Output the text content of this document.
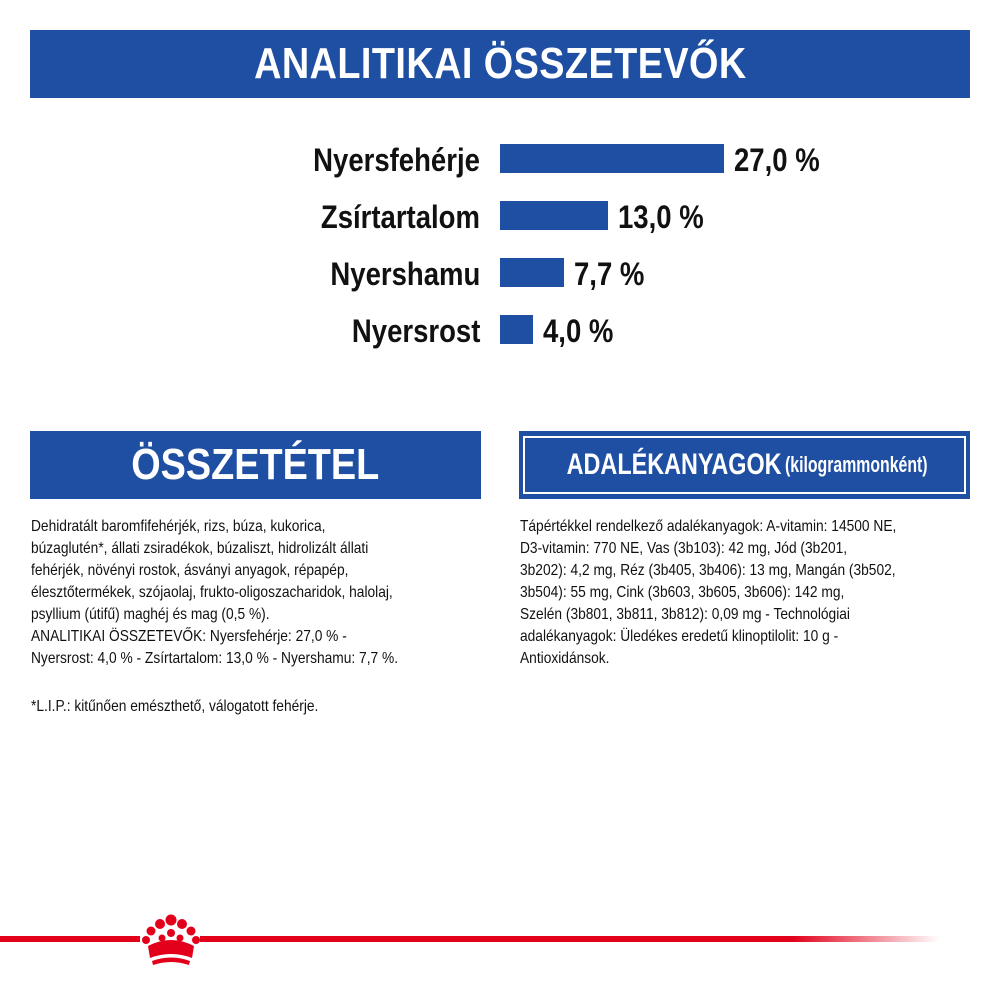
ANALITIKAI ÖSSZETEVŐK
Nyersfehérje	27,0 %
Zsírtartalom	13,0 %
Nyershamu	7,7 %
Nyersrost 4,0 %
ÖSSZETÉTEL	ADALÉKANYAGOK (kilogrammonként)
Dehidratált baromfifehérjék, rizs, búza, kukorica,
búzaglutén*, állati zsiradékok, búzaliszt, hidrolizált állati
fehérjék, növényi rostok, ásványi anyagok, répapép,
élesztőtermékek, szójaolaj, frukto-oligoszacharidok, halolaj,
psyllium (útifű) maghéj és mag (0,5 %).
ANALITIKAI ÖSSZETEVŐK: Nyersfehérje: 27,0 % -
Nyersrost: 4,0 % - Zsírtartalom: 13,0 % - Nyershamu: 7,7 %.
*L.I.P.: kitűnően emészthető, válogatott fehérje.
Tápértékkel rendelkező adalékanyagok: A-vitamin: 14500 NE,
D3-vitamin: 770 NE, Vas (3b103): 42 mg, Jód (3b201,
3b202): 4,2 mg, Réz (3b405, 3b406): 13 mg, Mangán (3b502,
3b504): 55 mg, Cink (3b603, 3b605, 3b606): 142 mg,
Szelén (3b801, 3b811, 3b812): 0,09 mg - Technológiai
adalékanyagok: Üledékes eredetű klinoptilolit: 10 g -
Antioxidánsok.
